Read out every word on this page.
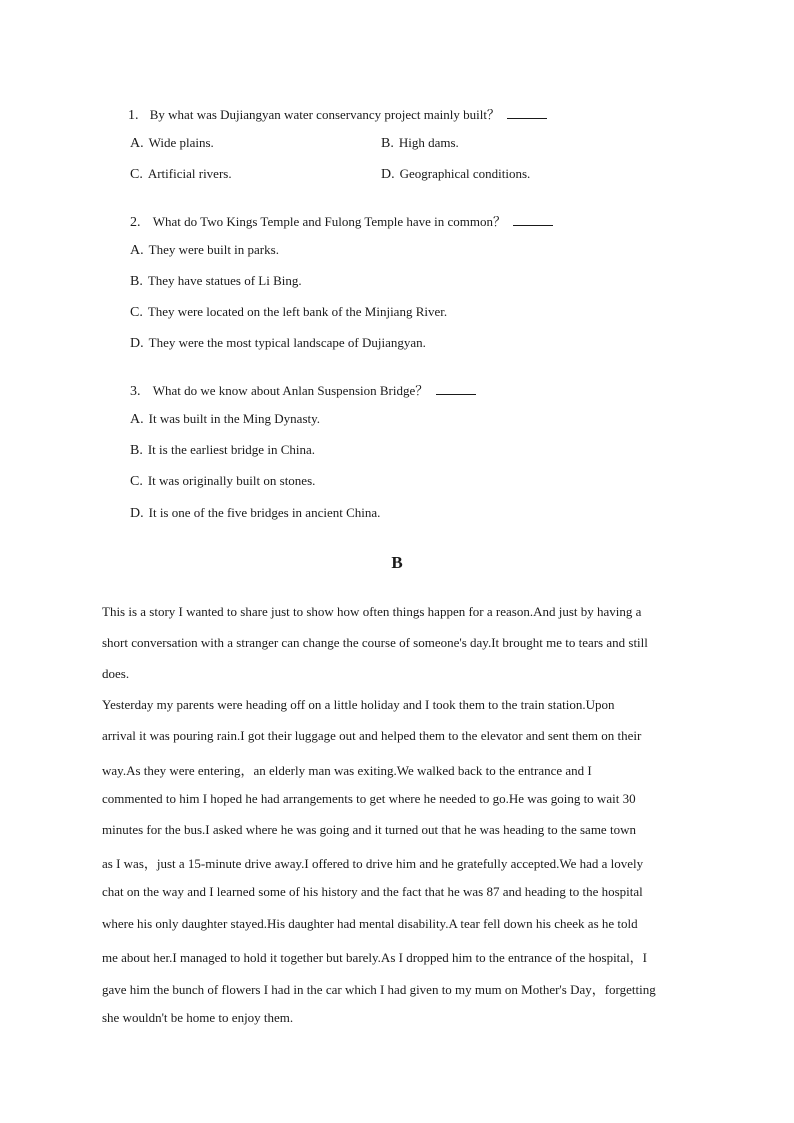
1. By what was Dujiangyan water conservancy project mainly built？
A. Wide plains.	B. High dams.
C. Artificial rivers.	D. Geographical conditions.
2. What do Two Kings Temple and Fulong Temple have in common？
A. They were built in parks.
B. They have statues of Li Bing.
C. They were located on the left bank of the Minjiang River.
D. They were the most typical landscape of Dujiangyan.
3. What do we know about Anlan Suspension Bridge？
A. It was built in the Ming Dynasty.
B. It is the earliest bridge in China.
C. It was originally built on stones.
D. It is one of the five bridges in ancient China.
B
This is a story I wanted to share just to show how often things happen for a reason.And just by having a
short conversation with a stranger can change the course of someone's day.It brought me to tears and still
does.
Yesterday my parents were heading off on a little holiday and I took them to the train station.Upon
arrival it was pouring rain.I got their luggage out and helped them to the elevator and sent them on their
way.As they were entering，an elderly man was exiting.We walked back to the entrance and I
commented to him I hoped he had arrangements to get where he needed to go.He was going to wait 30
minutes for the bus.I asked where he was going and it turned out that he was heading to the same town
as I was，just a 15-minute drive away.I offered to drive him and he gratefully accepted.We had a lovely
chat on the way and I learned some of his history and the fact that he was 87 and heading to the hospital
where his only daughter stayed.His daughter had mental disability.A tear fell down his cheek as he told
me about her.I managed to hold it together but barely.As I dropped him to the entrance of the hospital，I
gave him the bunch of flowers I had in the car which I had given to my mum on Mother's Day，forgetting
she wouldn't be home to enjoy them.
